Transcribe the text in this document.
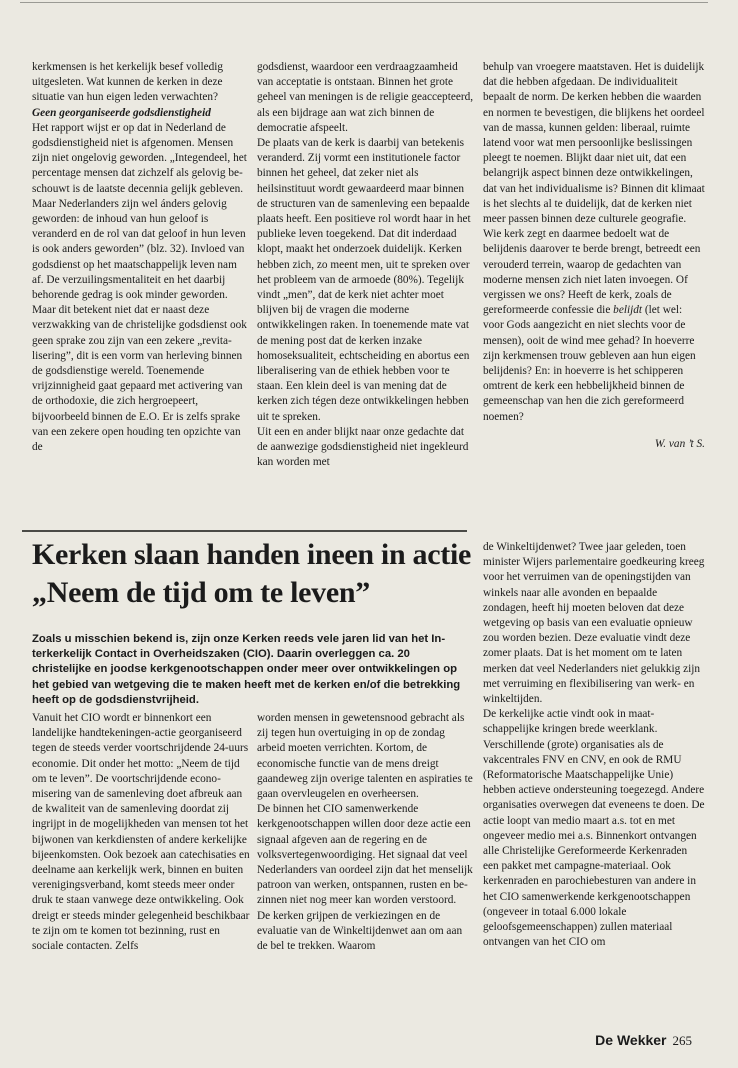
kerkmensen is het kerkelijk besef volledig uitgesleten. Wat kunnen de kerken in deze situatie van hun eigen leden verwachten?

Geen georganiseerde godsdienstigheid

Het rapport wijst er op dat in Nederland de godsdienstigheid niet is afgenomen. Mensen zijn niet ongelovig geworden. „Integendeel, het percentage mensen dat zichzelf als gelovig beschouwt is de laatste decennia gelijk gebleven. Maar Nederlanders zijn wel ánders gelovig geworden: de inhoud van hun geloof is veranderd en de rol van dat geloof in hun leven is ook anders geworden” (blz. 32). Invloed van godsdienst op het maatschappelijk leven nam af. De verzuilingsmentaliteit en het daarbij behorende gedrag is ook minder geworden. Maar dit betekent niet dat er naast deze verzwakking van de christelijke godsdienst ook geen sprake zou zijn van een zekere „revitalisering”, dit is een vorm van herleving binnen de godsdienstige wereld. Toenemende vrijzinnigheid gaat gepaard met activering van de orthodoxie, die zich hergroepeert, bijvoorbeeld binnen de E.O. Er is zelfs sprake van een zekere open houding ten opzichte van de

godsdienst, waardoor een verdraagzaamheid van acceptatie is ontstaan. Binnen het grote geheel van meningen is de religie geaccepteerd, als een bijdrage aan wat zich binnen de democratie afspeelt.

De plaats van de kerk is daarbij van betekenis veranderd. Zij vormt een institutionele factor binnen het geheel, dat zeker niet als heilsinstituut wordt gewaardeerd maar binnen de structuren van de samenleving een bepaalde plaats heeft. Een positieve rol wordt haar in het publieke leven toegekend. Dat dit inderdaad klopt, maakt het onderzoek duidelijk. Kerken hebben zich, zo meent men, uit te spreken over het probleem van de armoede (80%). Tegelijk vindt „men”, dat de kerk niet achter moet blijven bij de vragen die moderne ontwikkelingen raken. In toenemende mate vat de mening post dat de kerken inzake homoseksualiteit, echtscheiding en abortus een liberalisering van de ethiek hebben voor te staan. Een klein deel is van mening dat de kerken zich tégen deze ontwikkelingen hebben uit te spreken.

Uit een en ander blijkt naar onze gedachte dat de aanwezige godsdienstigheid niet ingekleurd kan worden met

behulp van vroegere maatstaven. Het is duidelijk dat die hebben afgedaan. De individualiteit bepaalt de norm. De kerken hebben die waarden en normen te bevestigen, die blijkens het oordeel van de massa, kunnen gelden: liberaal, ruimte latend voor wat men persoonlijke beslissingen pleegt te noemen. Blijkt daar niet uit, dat een belangrijk aspect binnen deze ontwikkelingen, dat van het individualisme is? Binnen dit klimaat is het slechts al te duidelijk, dat de kerken niet meer passen binnen deze culturele geografie. Wie kerk zegt en daarmee bedoelt wat de belijdenis daarover te berde brengt, betreedt een verouderd terrein, waarop de gedachten van moderne mensen zich niet laten invoegen. Of vergissen we ons? Heeft de kerk, zoals de gereformeerde confessie die belijdt (let wel: voor Gods aangezicht en niet slechts voor de mensen), ooit de wind mee gehad? In hoeverre zijn kerkmensen trouw gebleven aan hun eigen belijdenis? En: in hoeverre is het schipperen omtrent de kerk een hebbelijkheid binnen de gemeenschap van hen die zich gereformeerd noemen?

W. van ’t S.

Kerken slaan handen ineen in actie
„Neem de tijd om te leven”

Zoals u misschien bekend is, zijn onze Kerken reeds vele jaren lid van het Interkerkelijk Contact in Overheidszaken (CIO). Daarin overleggen ca. 20 christelijke en joodse kerkgenootschappen onder meer over ontwikkelingen op het gebied van wetgeving die te maken heeft met de kerken en/of die betrekking heeft op de godsdienstvrijheid.

Vanuit het CIO wordt er binnenkort een landelijke handtekeningen-actie georganiseerd tegen de steeds verder voortschrijdende 24-uurs economie. Dit onder het motto: „Neem de tijd om te leven”. De voortschrijdende economisering van de samenleving doet afbreuk aan de kwaliteit van de samenleving doordat zij ingrijpt in de mogelijkheden van mensen tot het bijwonen van kerkdiensten of andere kerkelijke bijeenkomsten. Ook bezoek aan catechisaties en deelname aan kerkelijk werk, binnen en buiten verenigingsverband, komt steeds meer onder druk te staan vanwege deze ontwikkeling. Ook dreigt er steeds minder gelegenheid beschikbaar te zijn om te komen tot bezinning, rust en sociale contacten. Zelfs

worden mensen in gewetensnood gebracht als zij tegen hun overtuiging in op de zondag arbeid moeten verrichten. Kortom, de economische functie van de mens dreigt gaandeweg zijn overige talenten en aspiraties te gaan overvleugelen en overheersen.

De binnen het CIO samenwerkende kerkgenootschappen willen door deze actie een signaal afgeven aan de regering en de volksvertegenwoordiging. Het signaal dat veel Nederlanders van oordeel zijn dat het menselijk patroon van werken, ontspannen, rusten en bezinnen niet nog meer kan worden verstoord.

De kerken grijpen de verkiezingen en de evaluatie van de Winkeltijdenwet aan om aan de bel te trekken. Waarom

de Winkeltijdenwet? Twee jaar geleden, toen minister Wijers parlementaire goedkeuring kreeg voor het verruimen van de openingstijden van winkels naar alle avonden en bepaalde zondagen, heeft hij moeten beloven dat deze wetgeving op basis van een evaluatie opnieuw zou worden bezien. Deze evaluatie vindt deze zomer plaats. Dat is het moment om te laten merken dat veel Nederlanders niet gelukkig zijn met verruiming en flexibilisering van werk- en winkeltijden.

De kerkelijke actie vindt ook in maatschappelijke kringen brede weerklank. Verschillende (grote) organisaties als de vakcentrales FNV en CNV, en ook de RMU (Reformatorische Maatschappelijke Unie) hebben actieve ondersteuning toegezegd. Andere organisaties overwegen dat eveneens te doen. De actie loopt van medio maart a.s. tot en met ongeveer medio mei a.s. Binnenkort ontvangen alle Christelijke Gereformeerde Kerkenraden een pakket met campagne-materiaal. Ook kerkenraden en parochiebesturen van andere in het CIO samenwerkende kerkgenootschappen (ongeveer in totaal 6.000 lokale geloofsgemeenschappen) zullen materiaal ontvangen van het CIO om

De Wekker 265
